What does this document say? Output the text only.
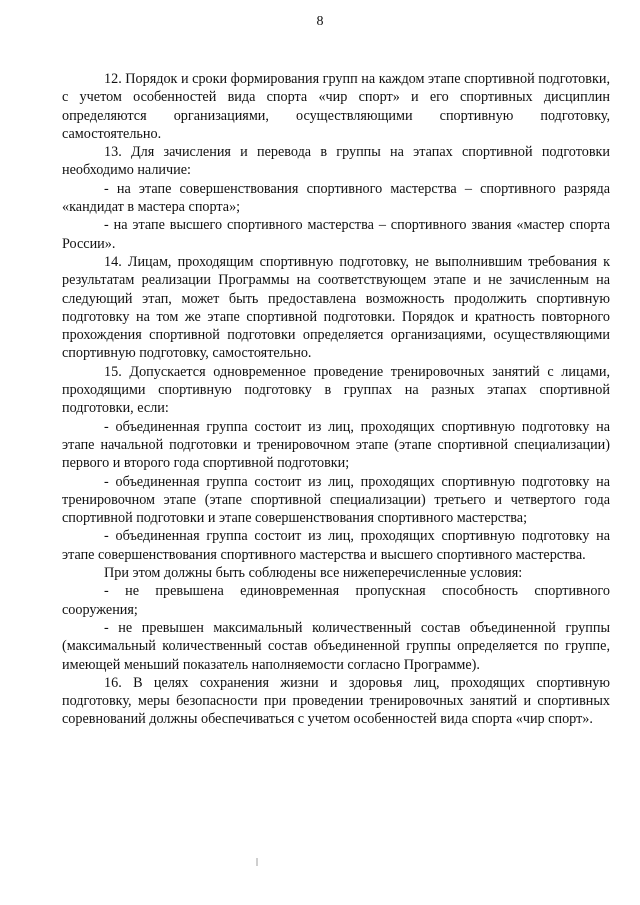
8

12. Порядок и сроки формирования групп на каждом этапе спортивной подготовки, с учетом особенностей вида спорта «чир спорт» и его спортивных дисциплин определяются организациями, осуществляющими спортивную подготовку, самостоятельно.

13. Для зачисления и перевода в группы на этапах спортивной подготовки необходимо наличие:

- на этапе совершенствования спортивного мастерства – спортивного разряда «кандидат в мастера спорта»;

- на этапе высшего спортивного мастерства – спортивного звания «мастер спорта России».

14. Лицам, проходящим спортивную подготовку, не выполнившим требования к результатам реализации Программы на соответствующем этапе и не зачисленным на следующий этап, может быть предоставлена возможность продолжить спортивную подготовку на том же этапе спортивной подготовки. Порядок и кратность повторного прохождения спортивной подготовки определяется организациями, осуществляющими спортивную подготовку, самостоятельно.

15. Допускается одновременное проведение тренировочных занятий с лицами, проходящими спортивную подготовку в группах на разных этапах спортивной подготовки, если:

- объединенная группа состоит из лиц, проходящих спортивную подготовку на этапе начальной подготовки и тренировочном этапе (этапе спортивной специализации) первого и второго года спортивной подготовки;

- объединенная группа состоит из лиц, проходящих спортивную подготовку на тренировочном этапе (этапе спортивной специализации) третьего и четвертого года спортивной подготовки и этапе совершенствования спортивного мастерства;

- объединенная группа состоит из лиц, проходящих спортивную подготовку на этапе совершенствования спортивного мастерства и высшего спортивного мастерства.

При этом должны быть соблюдены все нижеперечисленные условия:

- не превышена единовременная пропускная способность спортивного сооружения;

- не превышен максимальный количественный состав объединенной группы (максимальный количественный состав объединенной группы определяется по группе, имеющей меньший показатель наполняемости согласно Программе).

16. В целях сохранения жизни и здоровья лиц, проходящих спортивную подготовку, меры безопасности при проведении тренировочных занятий и спортивных соревнований должны обеспечиваться с учетом особенностей вида спорта «чир спорт».
